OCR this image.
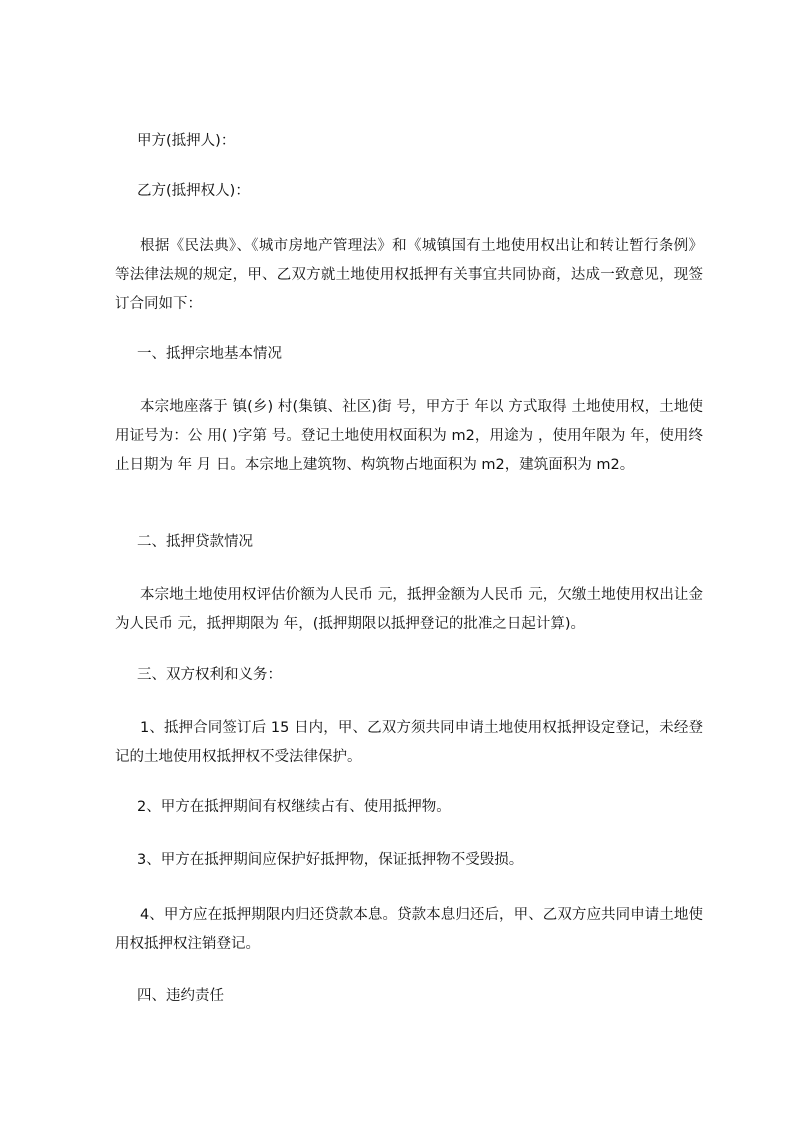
甲方(抵押人)：
乙方(抵押权人)：
根据《民法典》、《城市房地产管理法》和《城镇国有土地使用权出让和转让暂行条例》等法律法规的规定，甲、乙双方就土地使用权抵押有关事宜共同协商，达成一致意见，现签订合同如下：
一、抵押宗地基本情况
本宗地座落于 镇(乡) 村(集镇、社区)街 号，甲方于 年以 方式取得 土地使用权，土地使用证号为：公 用( )字第 号。登记土地使用权面积为 m2，用途为 ，使用年限为 年，使用终止日期为 年 月 日。本宗地上建筑物、构筑物占地面积为 m2，建筑面积为 m2。
二、抵押贷款情况
本宗地土地使用权评估价额为人民币 元，抵押金额为人民币 元，欠缴土地使用权出让金为人民币 元，抵押期限为 年，(抵押期限以抵押登记的批准之日起计算)。
三、双方权利和义务：
1、抵押合同签订后 15 日内，甲、乙双方须共同申请土地使用权抵押设定登记，未经登记的土地使用权抵押权不受法律保护。
2、甲方在抵押期间有权继续占有、使用抵押物。
3、甲方在抵押期间应保护好抵押物，保证抵押物不受毁损。
4、甲方应在抵押期限内归还贷款本息。贷款本息归还后，甲、乙双方应共同申请土地使用权抵押权注销登记。
四、违约责任
